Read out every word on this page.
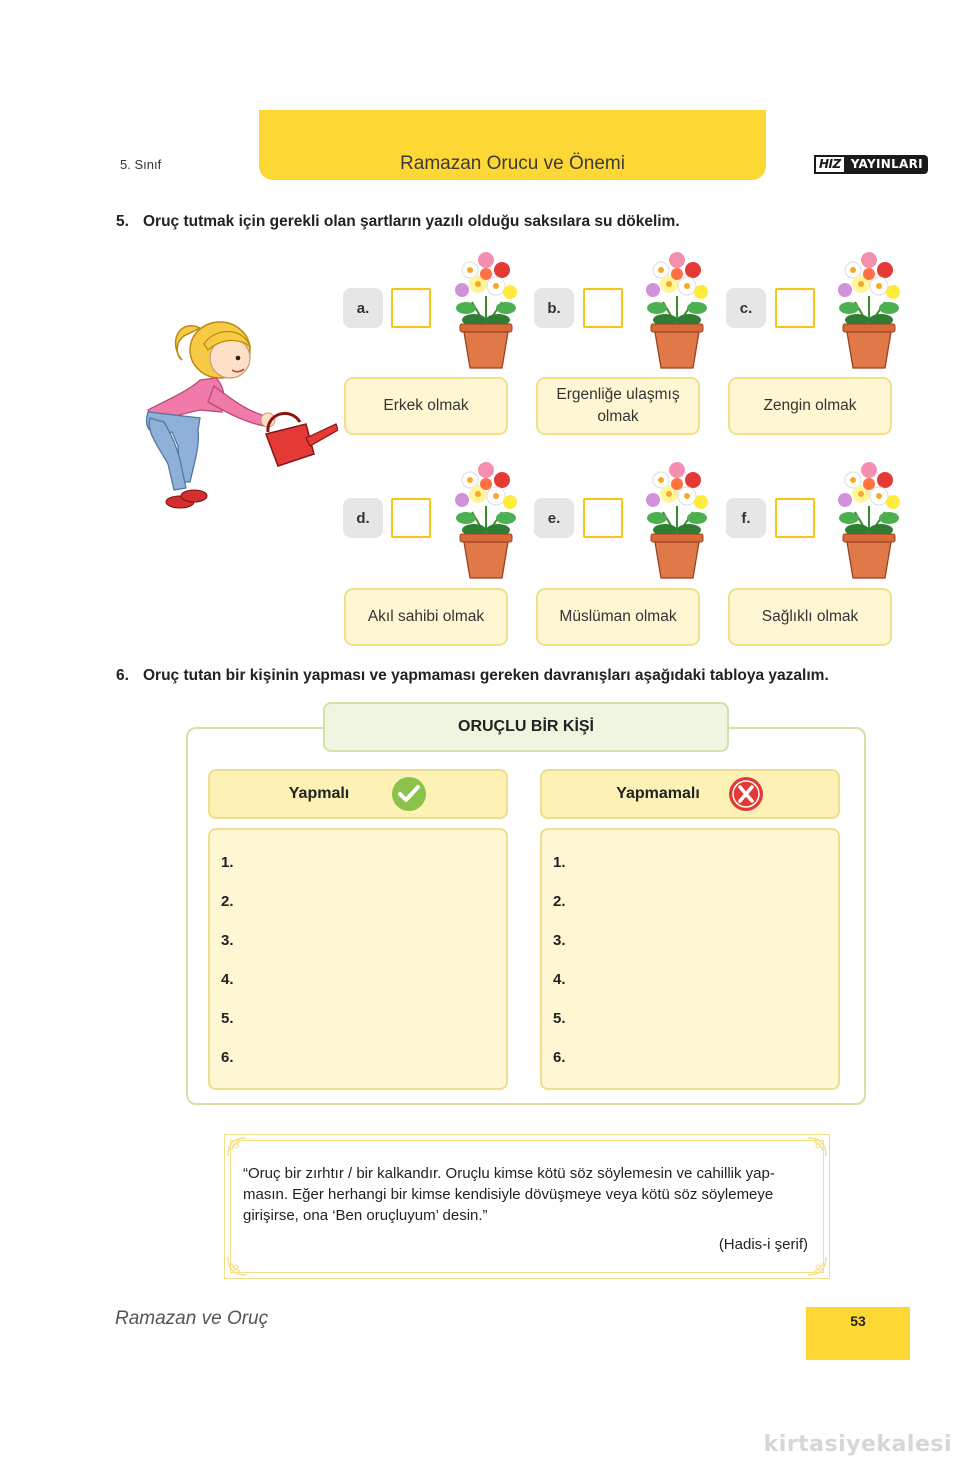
5. Sınıf	Ramazan Orucu ve Önemi	HIZ YAYINLARI
5. Oruç tutmak için gerekli olan şartların yazılı olduğu saksılara su dökelim.
a.
Erkek olmak
b.
Ergenliğe ulaşmış olmak
c.
Zengin olmak
d.
Akıl sahibi olmak
e.
Müslüman olmak
f.
Sağlıklı olmak
6. Oruç tutan bir kişinin yapması ve yapmaması gereken davranışları aşağıdaki tabloya yazalım.
ORUÇLU BİR KİŞİ
Yapmalı
1.
2.
3.
4.
5.
6.
Yapmamalı
1.
2.
3.
4.
5.
6.
“Oruç bir zırhtır / bir kalkandır. Oruçlu kimse kötü söz söylemesin ve cahillik yap-
masın. Eğer herhangi bir kimse kendisiyle dövüşmeye veya kötü söz söylemeye
girişirse, ona ‘Ben oruçluyum’ desin.”
(Hadis-i şerif)
Ramazan ve Oruç	53
kirtasiyekalesi
